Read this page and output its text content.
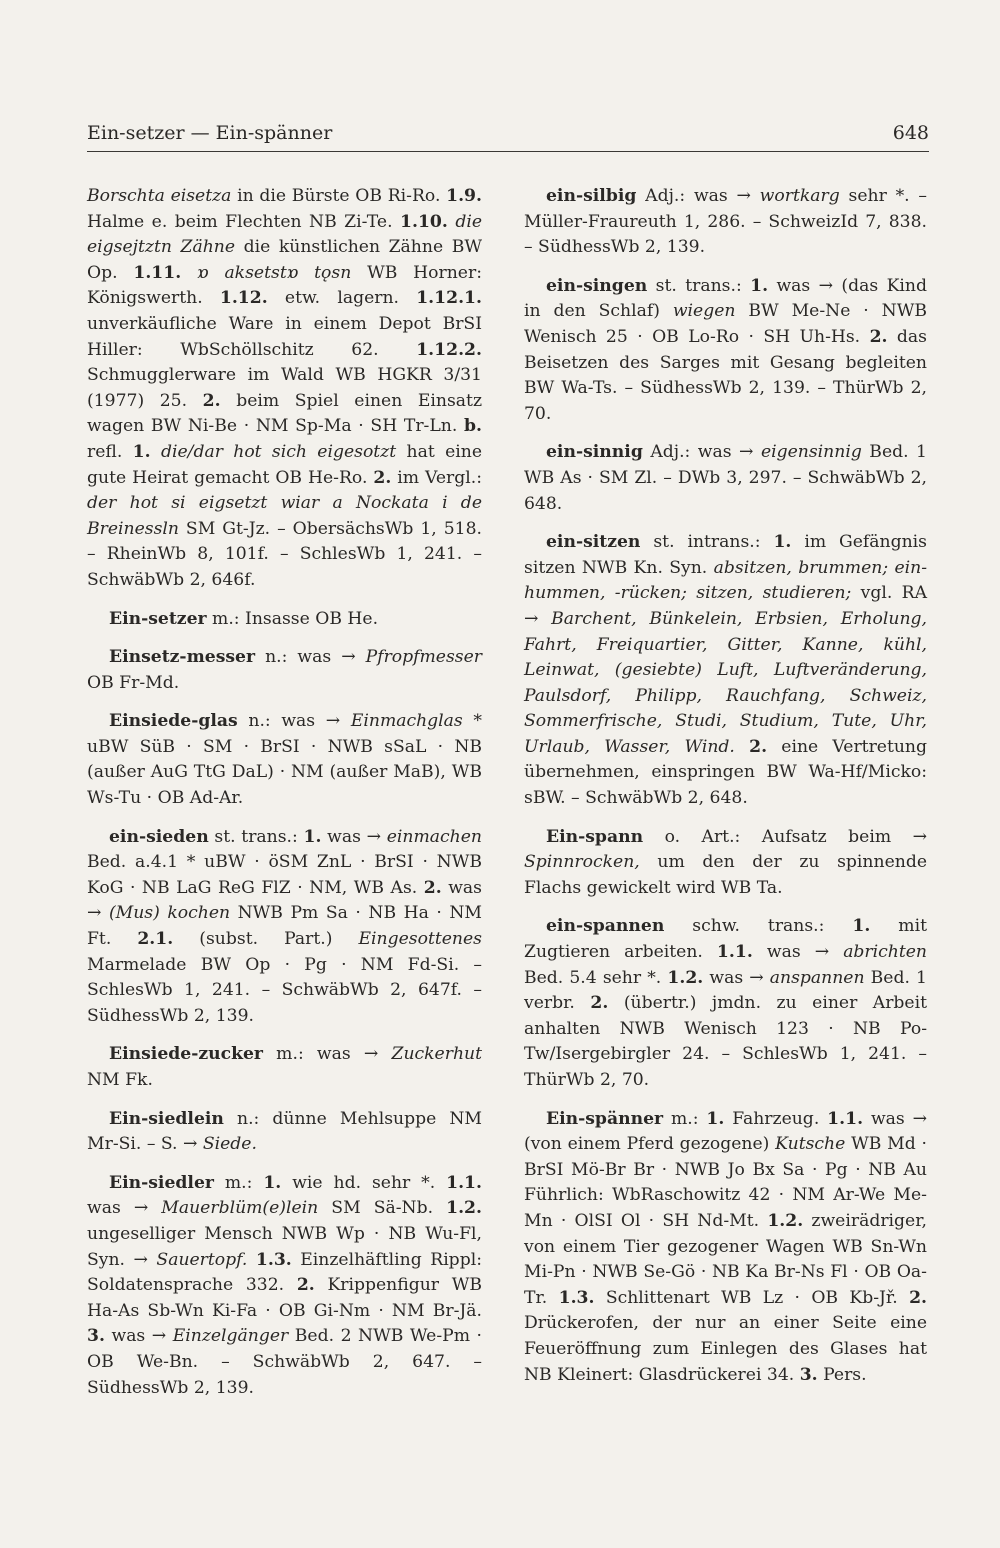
Ein-setzer — Ein-spänner	648

Borschta eisetza in die Bürste OB Ri-Ro. 1.9. Halme e. beim Flechten NB Zi-Te. 1.10. die eigsejtztn Zähne die künstlichen Zähne BW Op. 1.11. ɒ aksetstɒ tǫsn WB Horner: Königswerth. 1.12. etw. lagern. 1.12.1. unverkäufliche Ware in einem Depot BrSI Hiller: WbSchöllschitz 62. 1.12.2. Schmugglerware im Wald WB HGKR 3/31 (1977) 25. 2. beim Spiel einen Einsatz wagen BW Ni-Be · NM Sp-Ma · SH Tr-Ln. b. refl. 1. die/dar hot sich eigesotzt hat eine gute Heirat gemacht OB He-Ro. 2. im Vergl.: der hot si eigsetzt wiar a Nockata i de Breinessln SM Gt-Jz. – ObersächsWb 1, 518. – RheinWb 8, 101f. – SchlesWb 1, 241. – SchwäbWb 2, 646f.

Ein-setzer m.: Insasse OB He.

Einsetz-messer n.: was → Pfropfmesser OB Fr-Md.

Einsiede-glas n.: was → Einmachglas * uBW SüB · SM · BrSI · NWB sSaL · NB (außer AuG TtG DaL) · NM (außer MaB), WB Ws-Tu · OB Ad-Ar.

ein-sieden st. trans.: 1. was → einmachen Bed. a.4.1 * uBW · öSM ZnL · BrSI · NWB KoG · NB LaG ReG FlZ · NM, WB As. 2. was → (Mus) kochen NWB Pm Sa · NB Ha · NM Ft. 2.1. (subst. Part.) Eingesottenes Marmelade BW Op · Pg · NM Fd-Si. – SchlesWb 1, 241. – SchwäbWb 2, 647f. – SüdhessWb 2, 139.

Einsiede-zucker m.: was → Zuckerhut NM Fk.

Ein-siedlein n.: dünne Mehlsuppe NM Mr-Si. – S. → Siede.

Ein-siedler m.: 1. wie hd. sehr *. 1.1. was → Mauerblüm(e)lein SM Sä-Nb. 1.2. ungeselliger Mensch NWB Wp · NB Wu-Fl, Syn. → Sauertopf. 1.3. Einzelhäftling Rippl: Soldatensprache 332. 2. Krippenfigur WB Ha-As Sb-Wn Ki-Fa · OB Gi-Nm · NM Br-Jä. 3. was → Einzelgänger Bed. 2 NWB We-Pm · OB We-Bn. – SchwäbWb 2, 647. – SüdhessWb 2, 139.

ein-silbig Adj.: was → wortkarg sehr *. – Müller-Fraureuth 1, 286. – SchweizId 7, 838. – SüdhessWb 2, 139.

ein-singen st. trans.: 1. was → (das Kind in den Schlaf) wiegen BW Me-Ne · NWB Wenisch 25 · OB Lo-Ro · SH Uh-Hs. 2. das Beisetzen des Sarges mit Gesang begleiten BW Wa-Ts. – SüdhessWb 2, 139. – ThürWb 2, 70.

ein-sinnig Adj.: was → eigensinnig Bed. 1 WB As · SM Zl. – DWb 3, 297. – SchwäbWb 2, 648.

ein-sitzen st. intrans.: 1. im Gefängnis sitzen NWB Kn. Syn. absitzen, brummen; ein-hummen, -rücken; sitzen, studieren; vgl. RA → Barchent, Bünkelein, Erbsien, Erholung, Fahrt, Freiquartier, Gitter, Kanne, kühl, Leinwat, (gesiebte) Luft, Luftveränderung, Paulsdorf, Philipp, Rauchfang, Schweiz, Sommerfrische, Studi, Studium, Tute, Uhr, Urlaub, Wasser, Wind. 2. eine Vertretung übernehmen, einspringen BW Wa-Hf/Micko: sBW. – SchwäbWb 2, 648.

Ein-spann o. Art.: Aufsatz beim → Spinnrocken, um den der zu spinnende Flachs gewickelt wird WB Ta.

ein-spannen schw. trans.: 1. mit Zugtieren arbeiten. 1.1. was → abrichten Bed. 5.4 sehr *. 1.2. was → anspannen Bed. 1 verbr. 2. (übertr.) jmdn. zu einer Arbeit anhalten NWB Wenisch 123 · NB Po-Tw/Isergebirgler 24. – SchlesWb 1, 241. – ThürWb 2, 70.

Ein-spänner m.: 1. Fahrzeug. 1.1. was → (von einem Pferd gezogene) Kutsche WB Md · BrSI Mö-Br Br · NWB Jo Bx Sa · Pg · NB Au Führlich: WbRaschowitz 42 · NM Ar-We Me-Mn · OlSI Ol · SH Nd-Mt. 1.2. zweirädriger, von einem Tier gezogener Wagen WB Sn-Wn Mi-Pn · NWB Se-Gö · NB Ka Br-Ns Fl · OB Oa-Tr. 1.3. Schlittenart WB Lz · OB Kb-Jř. 2. Drückerofen, der nur an einer Seite eine Feueröffnung zum Einlegen des Glases hat NB Kleinert: Glasdrückerei 34. 3. Pers.
